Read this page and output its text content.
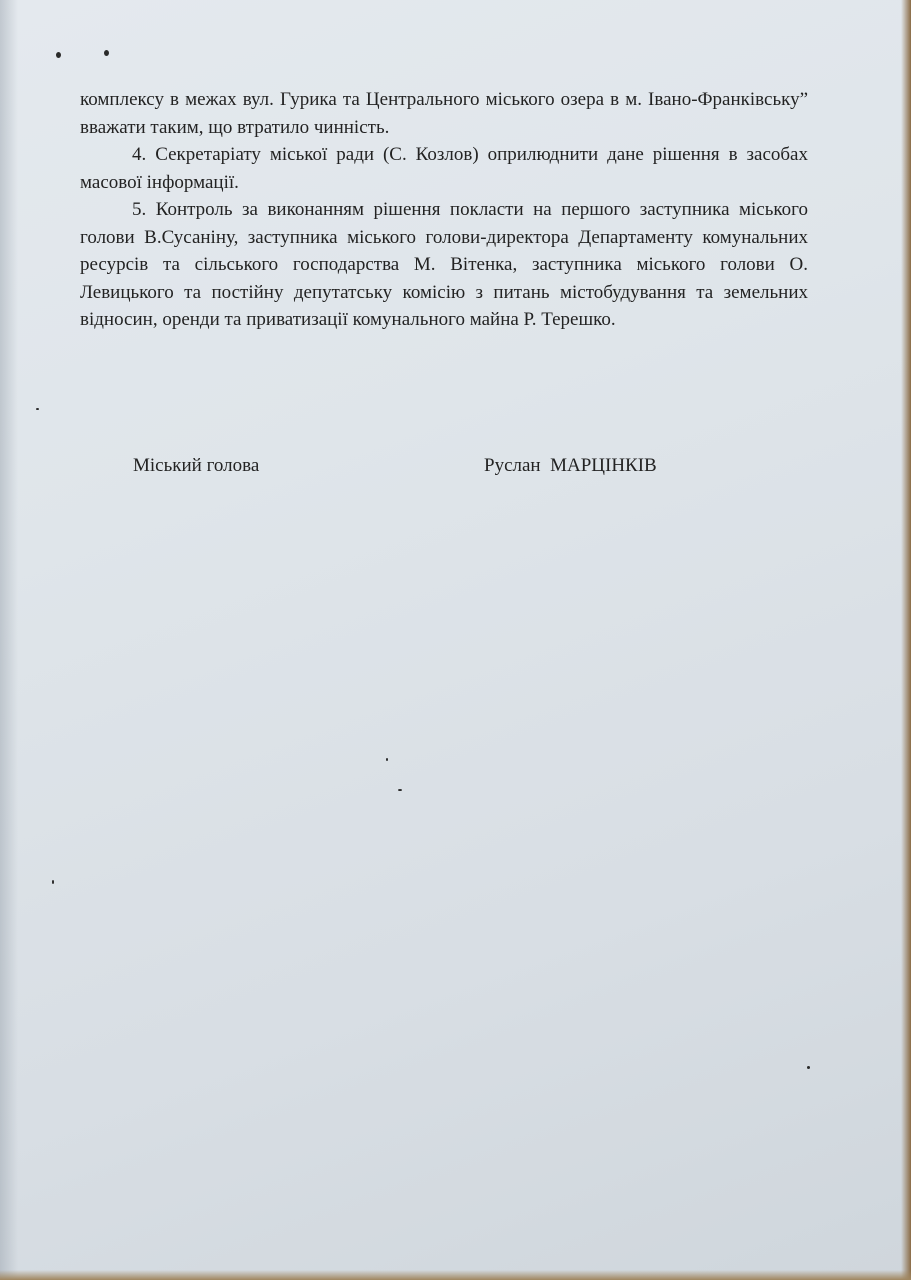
комплексу в межах вул. Гурика та Центрального міського озера в м. Івано-Франківську” вважати таким, що втратило чинність.

4. Секретаріату міської ради (С. Козлов) оприлюднити дане рішення в засобах масової інформації.

5. Контроль за виконанням рішення покласти на першого заступника міського голови В.Сусаніну, заступника міського голови-директора Департаменту комунальних ресурсів та сільського господарства М. Вітенка, заступника міського голови О. Левицького та постійну депутатську комісію з питань містобудування та земельних відносин, оренди та приватизації комунального майна Р. Терешко.

Міський голова	Руслан  МАРЦІНКІВ
